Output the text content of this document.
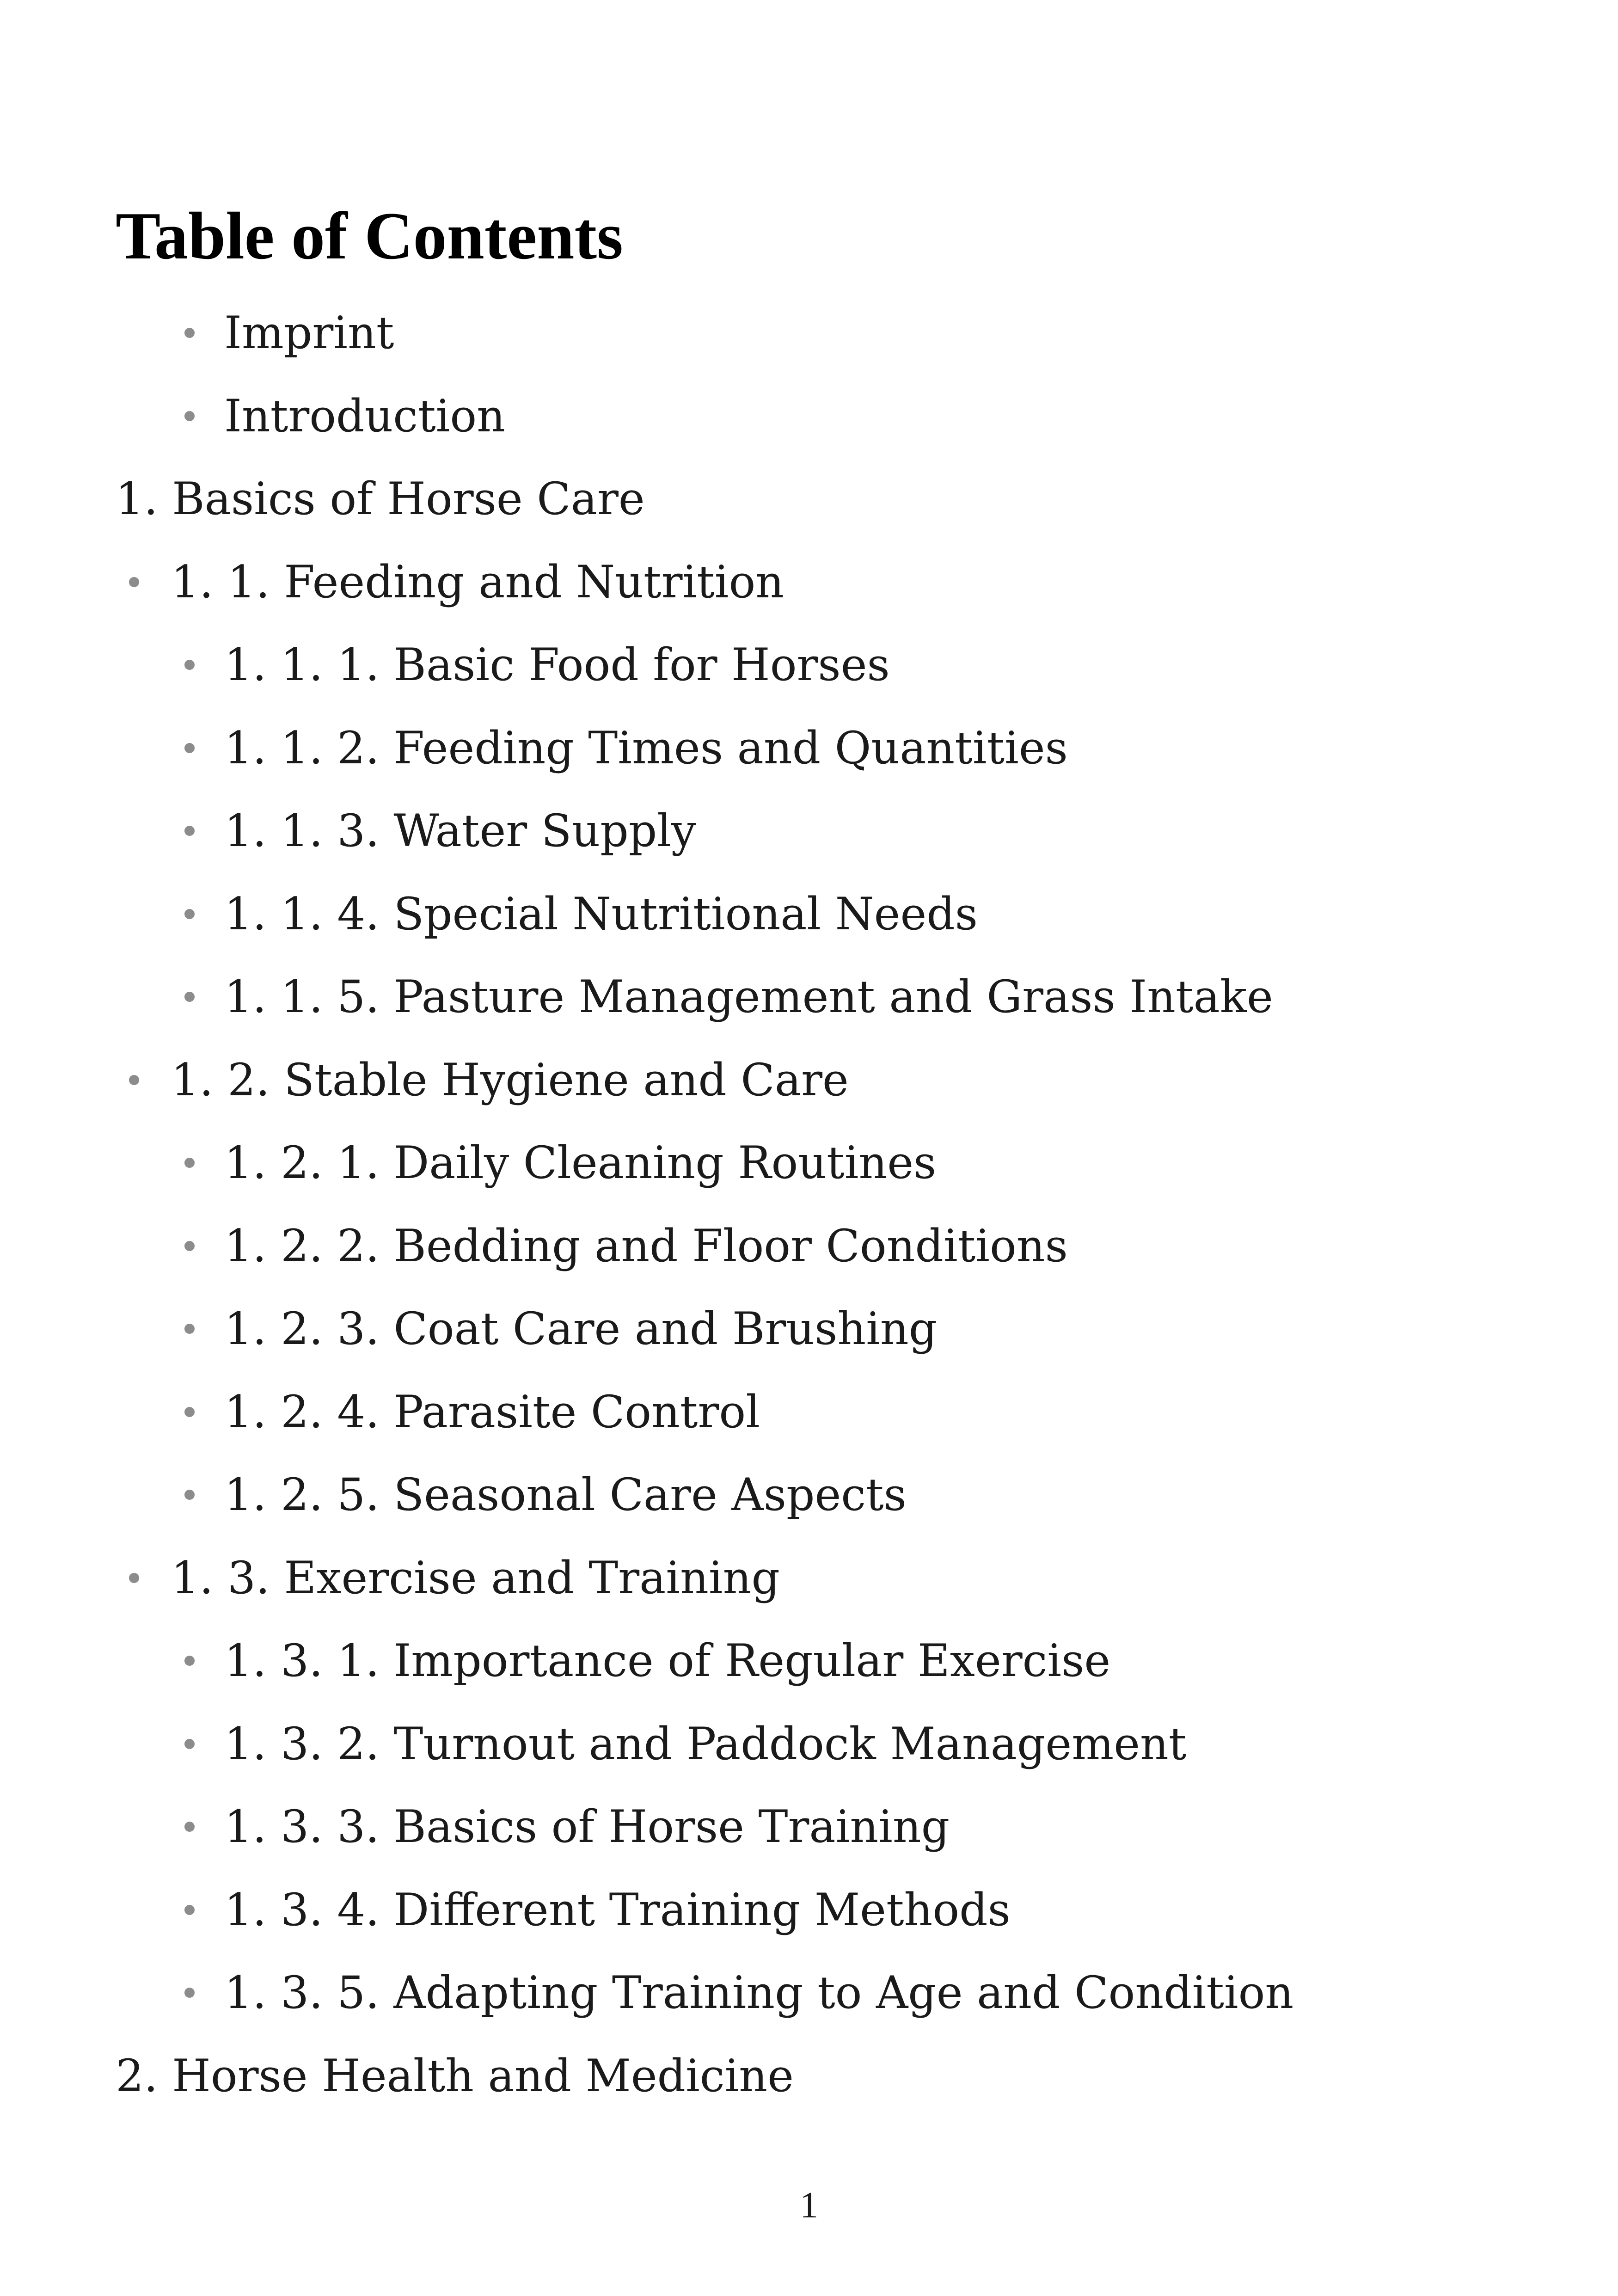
Table of Contents
Imprint
Introduction
1. Basics of Horse Care
1. 1. Feeding and Nutrition
1. 1. 1. Basic Food for Horses
1. 1. 2. Feeding Times and Quantities
1. 1. 3. Water Supply
1. 1. 4. Special Nutritional Needs
1. 1. 5. Pasture Management and Grass Intake
1. 2. Stable Hygiene and Care
1. 2. 1. Daily Cleaning Routines
1. 2. 2. Bedding and Floor Conditions
1. 2. 3. Coat Care and Brushing
1. 2. 4. Parasite Control
1. 2. 5. Seasonal Care Aspects
1. 3. Exercise and Training
1. 3. 1. Importance of Regular Exercise
1. 3. 2. Turnout and Paddock Management
1. 3. 3. Basics of Horse Training
1. 3. 4. Different Training Methods
1. 3. 5. Adapting Training to Age and Condition
2. Horse Health and Medicine
1
